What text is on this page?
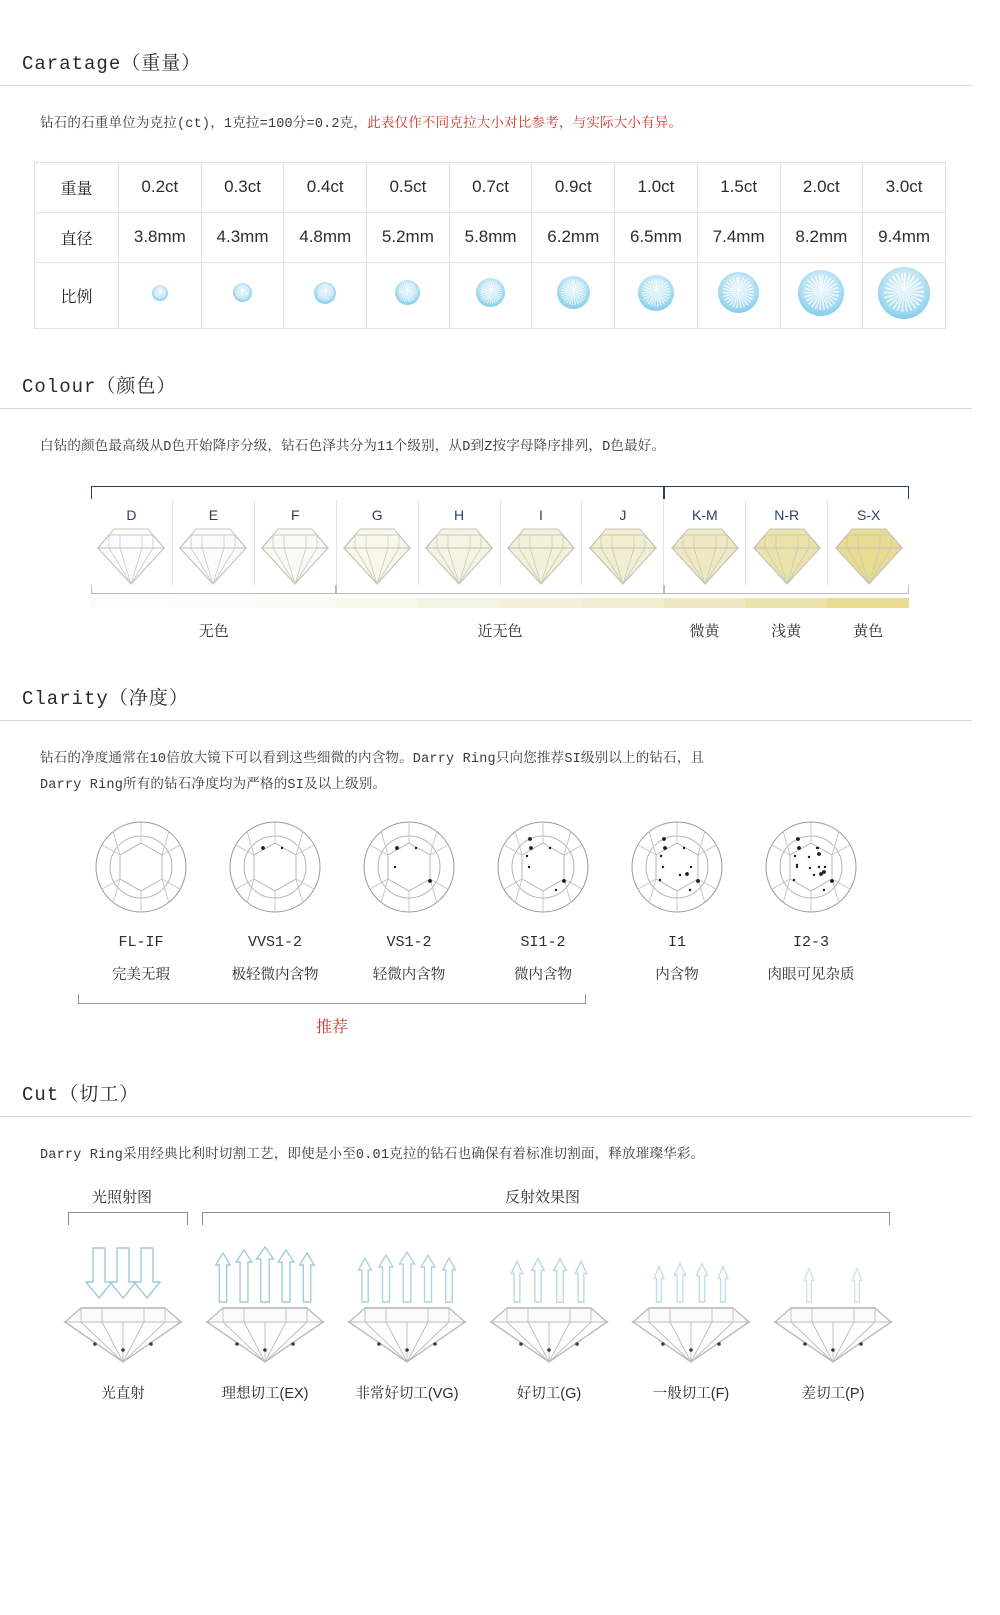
Caratage（重量）
钻石的石重单位为克拉(ct)，1克拉=100分=0.2克，此表仅作不同克拉大小对比参考，与实际大小有异。
重量	0.2ct	0.3ct	0.4ct	0.5ct	0.7ct	0.9ct	1.0ct	1.5ct	2.0ct	3.0ct
直径	3.8mm	4.3mm	4.8mm	5.2mm	5.8mm	6.2mm	6.5mm	7.4mm	8.2mm	9.4mm
比例										
Colour（颜色）
白钻的颜色最高级从D色开始降序分级，钻石色泽共分为11个级别，从D到Z按字母降序排列，D色最好。
D	E	F	G	H	I	J	K-M	N-R	S-X
无色	近无色	微黄	浅黄	黄色
Clarity（净度）
钻石的净度通常在10倍放大镜下可以看到这些细微的内含物。Darry Ring只向您推荐SI级别以上的钻石，且
Darry Ring所有的钻石净度均为严格的SI及以上级别。
FL-IF
完美无瑕
VVS1-2
极轻微内含物
VS1-2
轻微内含物
SI1-2
微内含物
I1
内含物
I2-3
肉眼可见杂质
推荐
Cut（切工）
Darry Ring采用经典比利时切割工艺，即使是小至0.01克拉的钻石也确保有着标准切割面，释放璀璨华彩。
光照射图	反射效果图
光直射	理想切工(EX)	非常好切工(VG)	好切工(G)	一般切工(F)	差切工(P)
